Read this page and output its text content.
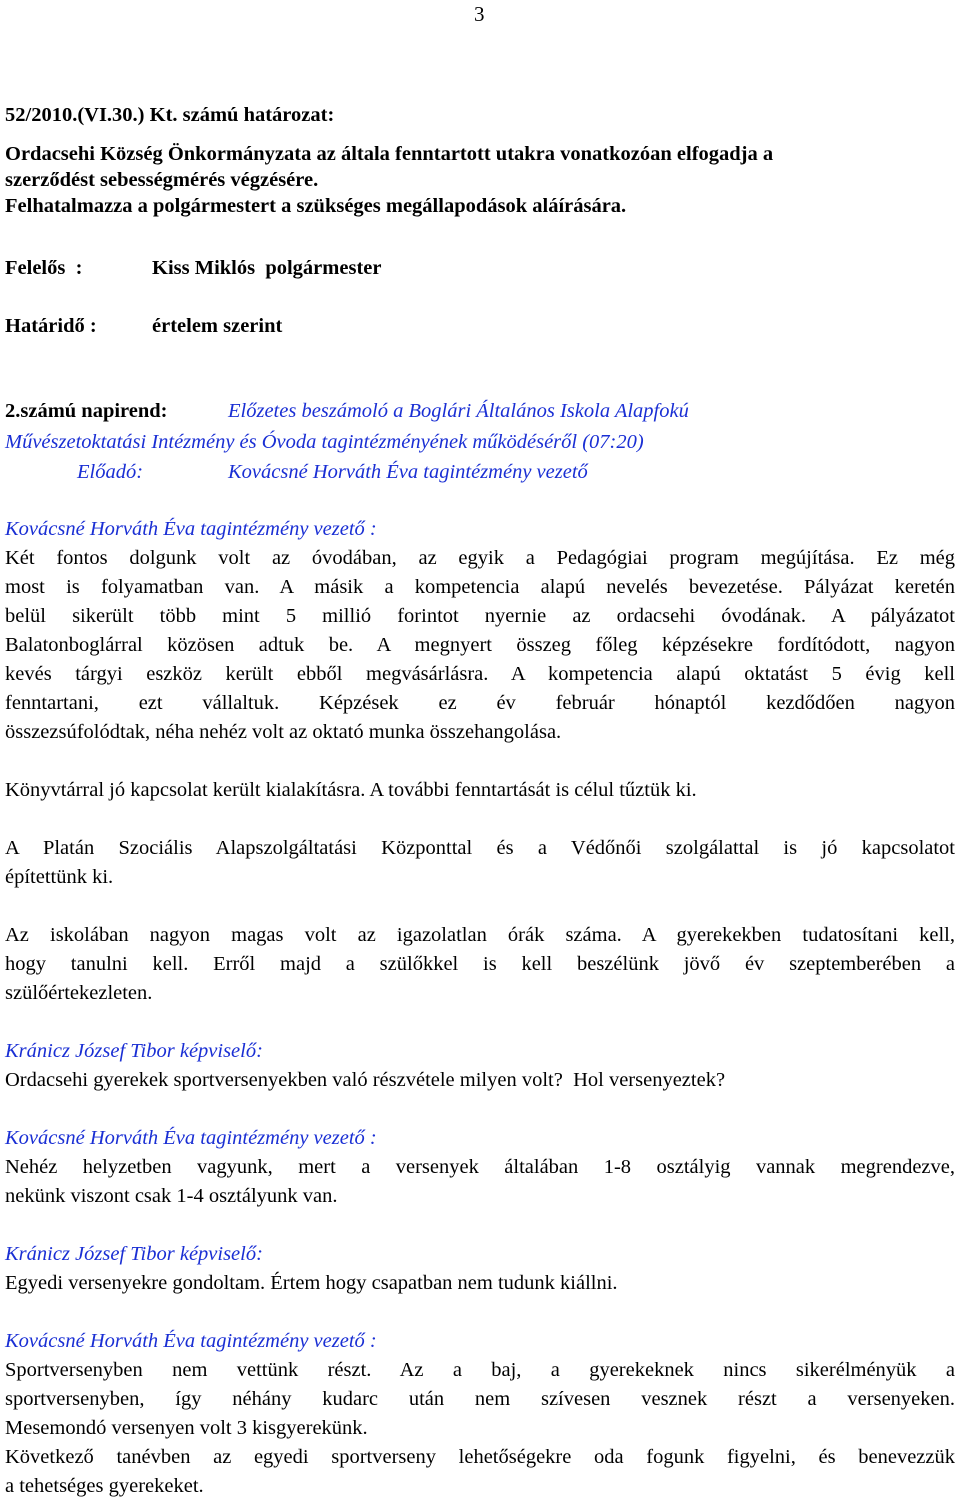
3
52/2010.(VI.30.) Kt. számú határozat:
Ordacsehi Község Önkormányzata az általa fenntartott utakra vonatkozóan elfogadja a
szerződést sebességmérés végzésére.
Felhatalmazza a polgármestert a szükséges megállapodások aláírására.
Felelős  :	Kiss Miklós  polgármester
Határidő :	értelem szerint
2.számú napirend:	Előzetes beszámoló a Boglári Általános Iskola Alapfokú
Művészetoktatási Intézmény és Óvoda tagintézményének működéséről (07:20)
Előadó:	Kovácsné Horváth Éva tagintézmény vezető
Kovácsné Horváth Éva tagintézmény vezető :
Két fontos dolgunk volt az óvodában, az egyik a Pedagógiai program megújítása. Ez még
most is folyamatban van. A másik a kompetencia alapú nevelés bevezetése. Pályázat keretén
belül sikerült több mint 5 millió forintot nyernie az ordacsehi óvodának. A pályázatot
Balatonboglárral közösen adtuk be. A megnyert összeg főleg képzésekre fordítódott, nagyon
kevés tárgyi eszköz került ebből megvásárlásra. A kompetencia alapú oktatást 5 évig kell
fenntartani, ezt vállaltuk. Képzések ez év február hónaptól kezdődően nagyon
összezsúfolódtak, néha nehéz volt az oktató munka összehangolása.
Könyvtárral jó kapcsolat került kialakításra. A további fenntartását is célul tűztük ki.
A Platán Szociális Alapszolgáltatási Központtal és a Védőnői szolgálattal is jó kapcsolatot
építettünk ki.
Az iskolában nagyon magas volt az igazolatlan órák száma. A gyerekekben tudatosítani kell,
hogy tanulni kell. Erről majd a szülőkkel is kell beszélünk jövő év szeptemberében a
szülőértekezleten.
Kránicz József Tibor képviselő:
Ordacsehi gyerekek sportversenyekben való részvétele milyen volt?  Hol versenyeztek?
Kovácsné Horváth Éva tagintézmény vezető :
Nehéz helyzetben vagyunk, mert a versenyek általában 1-8 osztályig vannak megrendezve,
nekünk viszont csak 1-4 osztályunk van.
Kránicz József Tibor képviselő:
Egyedi versenyekre gondoltam. Értem hogy csapatban nem tudunk kiállni.
Kovácsné Horváth Éva tagintézmény vezető :
Sportversenyben nem vettünk részt. Az a baj, a gyerekeknek nincs sikerélményük a
sportversenyben, így néhány kudarc után nem szívesen vesznek részt a versenyeken.
Mesemondó versenyen volt 3 kisgyerekünk.
Következő tanévben az egyedi sportverseny lehetőségekre oda fogunk figyelni, és benevezzük
a tehetséges gyerekeket.
